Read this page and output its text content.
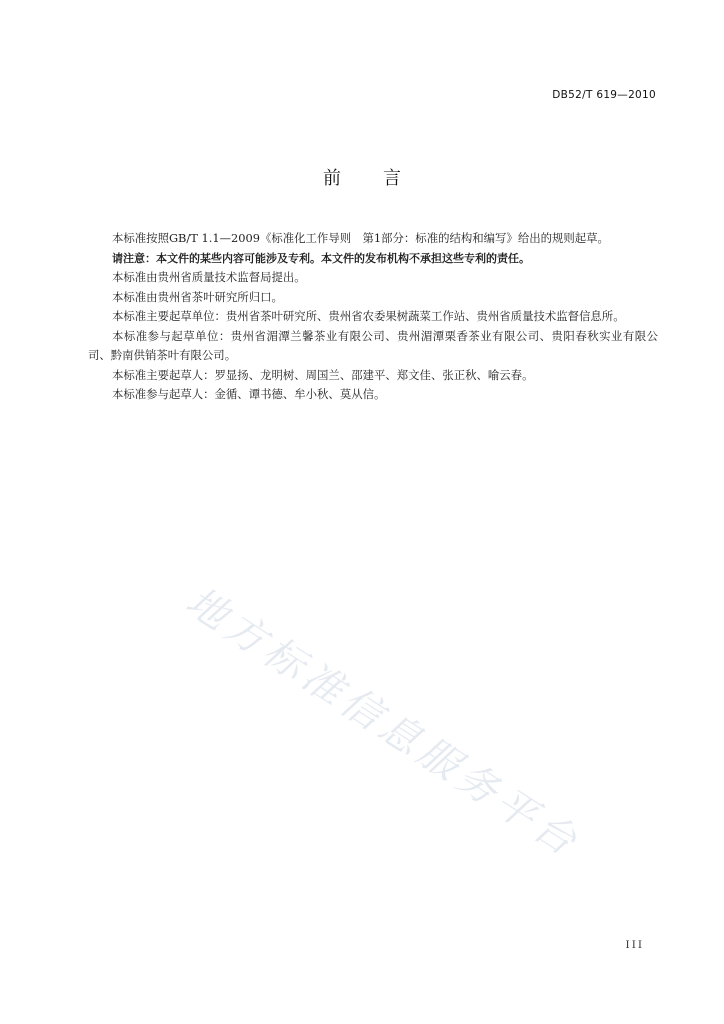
DB52/T 619—2010
前言

本标准按照GB/T 1.1—2009《标准化工作导则　第1部分：标准的结构和编写》给出的规则起草。

请注意：本文件的某些内容可能涉及专利。本文件的发布机构不承担这些专利的责任。

本标准由贵州省质量技术监督局提出。

本标准由贵州省茶叶研究所归口。

本标准主要起草单位：贵州省茶叶研究所、贵州省农委果树蔬菜工作站、贵州省质量技术监督信息所。

本标准参与起草单位：贵州省湄潭兰馨茶业有限公司、贵州湄潭栗香茶业有限公司、贵阳春秋实业有限公司、黔南供销茶叶有限公司。

本标准主要起草人：罗显扬、龙明树、周国兰、邵建平、郑文佳、张正秋、喻云春。

本标准参与起草人：金循、谭书德、牟小秋、莫从信。

地方标准信息服务平台
III
